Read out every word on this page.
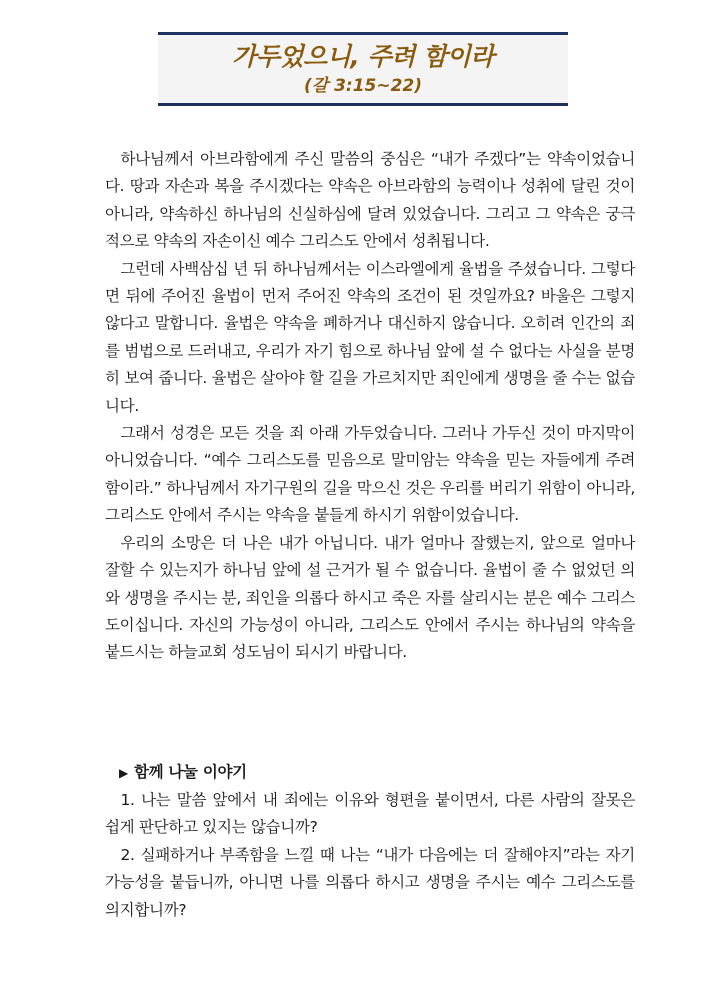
가두었으니, 주려 함이라
(갈 3:15~22)

하나님께서 아브라함에게 주신 말씀의 중심은 “내가 주겠다”는 약속이었습니다. 땅과 자손과 복을 주시겠다는 약속은 아브라함의 능력이나 성취에 달린 것이 아니라, 약속하신 하나님의 신실하심에 달려 있었습니다. 그리고 그 약속은 궁극적으로 약속의 자손이신 예수 그리스도 안에서 성취됩니다.

그런데 사백삼십 년 뒤 하나님께서는 이스라엘에게 율법을 주셨습니다. 그렇다면 뒤에 주어진 율법이 먼저 주어진 약속의 조건이 된 것일까요? 바울은 그렇지 않다고 말합니다. 율법은 약속을 폐하거나 대신하지 않습니다. 오히려 인간의 죄를 범법으로 드러내고, 우리가 자기 힘으로 하나님 앞에 설 수 없다는 사실을 분명히 보여 줍니다. 율법은 살아야 할 길을 가르치지만 죄인에게 생명을 줄 수는 없습니다.

그래서 성경은 모든 것을 죄 아래 가두었습니다. 그러나 가두신 것이 마지막이 아니었습니다. “예수 그리스도를 믿음으로 말미암는 약속을 믿는 자들에게 주려 함이라.” 하나님께서 자기구원의 길을 막으신 것은 우리를 버리기 위함이 아니라, 그리스도 안에서 주시는 약속을 붙들게 하시기 위함이었습니다.

우리의 소망은 더 나은 내가 아닙니다. 내가 얼마나 잘했는지, 앞으로 얼마나 잘할 수 있는지가 하나님 앞에 설 근거가 될 수 없습니다. 율법이 줄 수 없었던 의와 생명을 주시는 분, 죄인을 의롭다 하시고 죽은 자를 살리시는 분은 예수 그리스도이십니다. 자신의 가능성이 아니라, 그리스도 안에서 주시는 하나님의 약속을 붙드시는 하늘교회 성도님이 되시기 바랍니다.

▶ 함께 나눌 이야기

1. 나는 말씀 앞에서 내 죄에는 이유와 형편을 붙이면서, 다른 사람의 잘못은 쉽게 판단하고 있지는 않습니까?

2. 실패하거나 부족함을 느낄 때 나는 “내가 다음에는 더 잘해야지”라는 자기 가능성을 붙듭니까, 아니면 나를 의롭다 하시고 생명을 주시는 예수 그리스도를 의지합니까?
